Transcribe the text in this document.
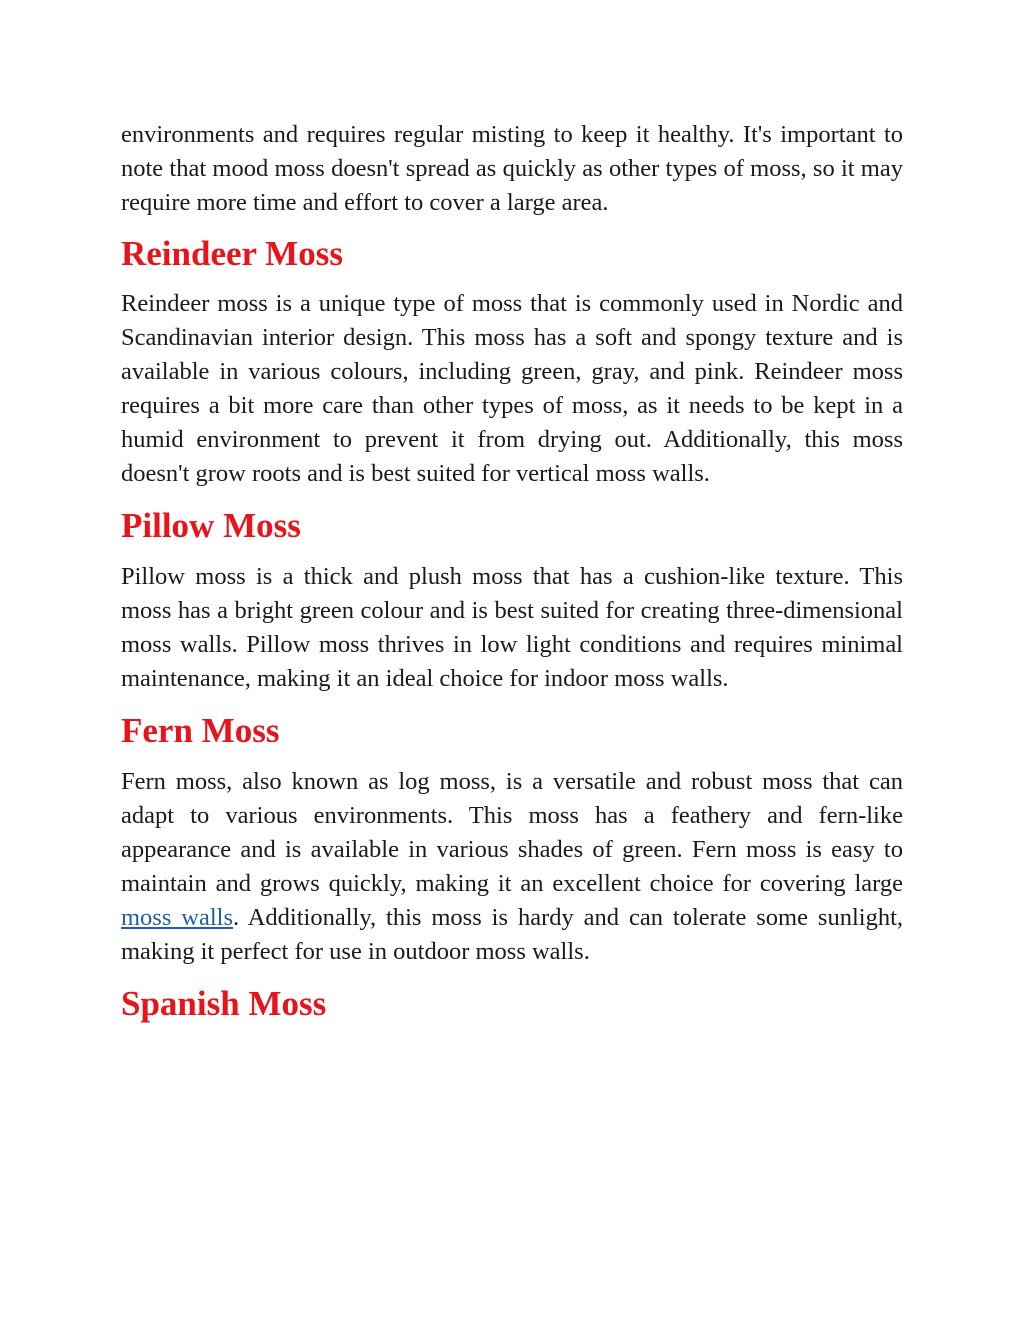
environments and requires regular misting to keep it healthy. It's important to note that mood moss doesn't spread as quickly as other types of moss, so it may require more time and effort to cover a large area.

Reindeer Moss

Reindeer moss is a unique type of moss that is commonly used in Nordic and Scandinavian interior design. This moss has a soft and spongy texture and is available in various colours, including green, gray, and pink. Reindeer moss requires a bit more care than other types of moss, as it needs to be kept in a humid environment to prevent it from drying out. Additionally, this moss doesn't grow roots and is best suited for vertical moss walls.

Pillow Moss

Pillow moss is a thick and plush moss that has a cushion-like texture. This moss has a bright green colour and is best suited for creating three-dimensional moss walls. Pillow moss thrives in low light conditions and requires minimal maintenance, making it an ideal choice for indoor moss walls.

Fern Moss

Fern moss, also known as log moss, is a versatile and robust moss that can adapt to various environments. This moss has a feathery and fern-like appearance and is available in various shades of green. Fern moss is easy to maintain and grows quickly, making it an excellent choice for covering large moss walls. Additionally, this moss is hardy and can tolerate some sunlight, making it perfect for use in outdoor moss walls.

Spanish Moss
